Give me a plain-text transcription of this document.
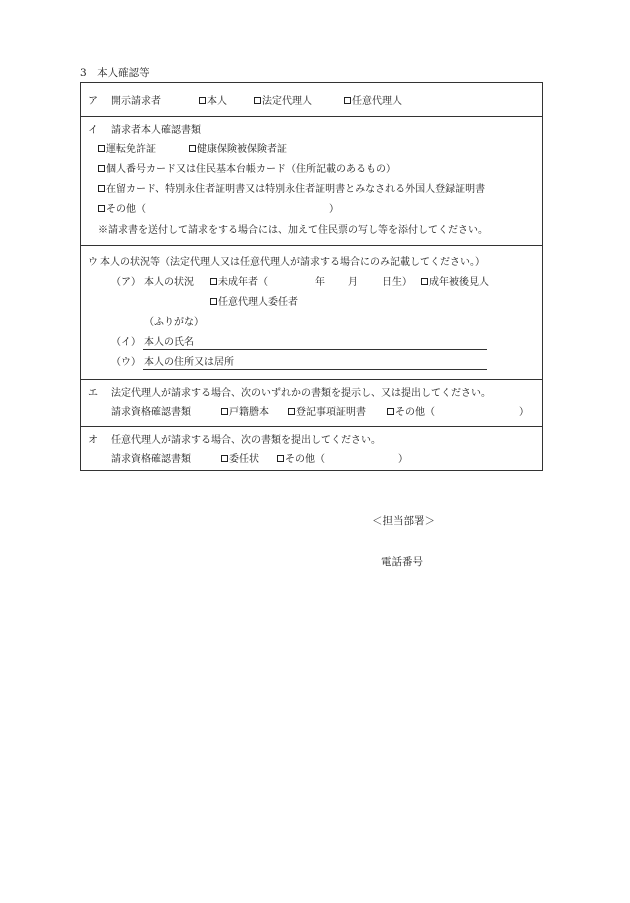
3　本人確認等
ア 開示請求者	本人	法定代理人	任意代理人
イ 請求者本人確認書類
運転免許証	健康保険被保険者証
個人番号カード又は住民基本台帳カード（住所記載のあるもの）
在留カード、特別永住者証明書又は特別永住者証明書とみなされる外国人登録証明書
その他（	）
※請求書を送付して請求をする場合には、加えて住民票の写し等を添付してください。
ウ 本人の状況等（法定代理人又は任意代理人が請求する場合にのみ記載してください。）
（ア） 本人の状況	未成年者（	年 月 日生）	成年被後見人
任意代理人委任者
（ふりがな）
（イ） 本人の氏名
（ウ） 本人の住所又は居所
エ 法定代理人が請求する場合、次のいずれかの書類を提示し、又は提出してください。
請求資格確認書類	戸籍謄本	登記事項証明書	その他（	）
オ 任意代理人が請求する場合、次の書類を提出してください。
請求資格確認書類	委任状	その他（	）
＜担当部署＞
電話番号
